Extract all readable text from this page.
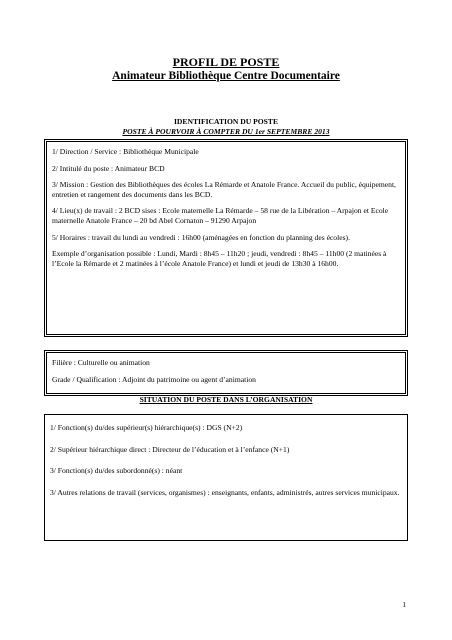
PROFIL DE POSTE
Animateur Bibliothèque Centre Documentaire
IDENTIFICATION DU POSTE
POSTE À POURVOIR À COMPTER DU 1er SEPTEMBRE 2013

1/ Direction / Service : Bibliothèque Municipale

2/ Intitulé du poste : Animateur BCD

3/ Mission : Gestion des Bibliothèques des écoles La Rémarde et Anatole France. Accueil du public, équipement, entretien et rangement des documents dans les BCD.

4/ Lieu(x) de travail : 2 BCD sises : Ecole maternelle La Rémarde – 58 rue de la Libération – Arpajon et Ecole maternelle Anatole France – 20 bd Abel Cornaton – 91290 Arpajon

5/ Horaires : travail du lundi au vendredi : 16h00 (aménagées en fonction du planning des écoles).

Exemple d’organisation possible : Lundi, Mardi : 8h45 – 11h20 ; jeudi, vendredi : 8h45 – 11h00 (2 matinées à l’Ecole la Rémarde et 2 matinées à l’école Anatole France) et lundi et jeudi de 13h30 à 16h00.

Filière : Culturelle ou animation

Grade / Qualification : Adjoint du patrimoine ou agent d’animation

SITUATION DU POSTE DANS L’ORGANISATION

1/ Fonction(s) du/des supérieur(s) hiérarchique(s) : DGS (N+2)

2/ Supérieur hiérarchique direct : Directeur de l’éducation et à l’enfance (N+1)

3/ Fonction(s) du/des subordonné(s) : néant

3/ Autres relations de travail (services, organismes) : enseignants, enfants, administrés, autres services municipaux.

1
